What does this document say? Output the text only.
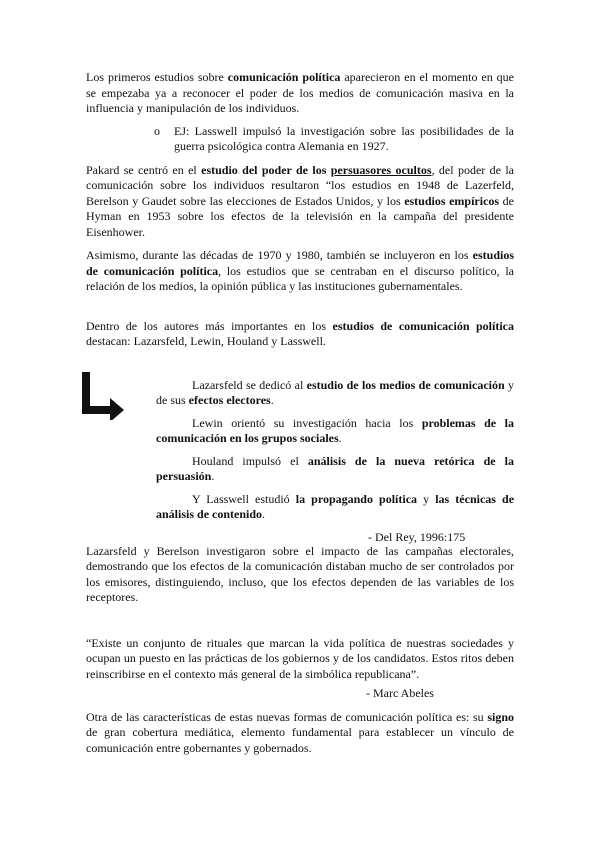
Los primeros estudios sobre comunicación política aparecieron en el momento en que se empezaba ya a reconocer el poder de los medios de comunicación masiva en la influencia y manipulación de los individuos.

o EJ: Lasswell impulsó la investigación sobre las posibilidades de la guerra psicológica contra Alemania en 1927.

Pakard se centró en el estudio del poder de los persuasores ocultos, del poder de la comunicación sobre los individuos resultaron “los estudios en 1948 de Lazerfeld, Berelson y Gaudet sobre las elecciones de Estados Unidos, y los estudios empíricos de Hyman en 1953 sobre los efectos de la televisión en la campaña del presidente Eisenhower.

Asimismo, durante las décadas de 1970 y 1980, también se incluyeron en los estudios de comunicación política, los estudios que se centraban en el discurso político, la relación de los medios, la opinión pública y las instituciones gubernamentales.

Dentro de los autores más importantes en los estudios de comunicación política destacan: Lazarsfeld, Lewin, Houland y Lasswell.

Lazarsfeld se dedicó al estudio de los medios de comunicación y de sus efectos electores.

Lewin orientó su investigación hacia los problemas de la comunicación en los grupos sociales.

Houland impulsó el análisis de la nueva retórica de la persuasión.

Y Lasswell estudió la propagando política y las técnicas de análisis de contenido.

- Del Rey, 1996:175

Lazarsfeld y Berelson investigaron sobre el impacto de las campañas electorales, demostrando que los efectos de la comunicación distaban mucho de ser controlados por los emisores, distinguiendo, incluso, que los efectos dependen de las variables de los receptores.

“Existe un conjunto de rituales que marcan la vida política de nuestras sociedades y ocupan un puesto en las prácticas de los gobiernos y de los candidatos. Estos ritos deben reinscribirse en el contexto más general de la simbólica republicana”.

- Marc Abeles

Otra de las características de estas nuevas formas de comunicación política es: su signo de gran cobertura mediática, elemento fundamental para establecer un vínculo de comunicación entre gobernantes y gobernados.
